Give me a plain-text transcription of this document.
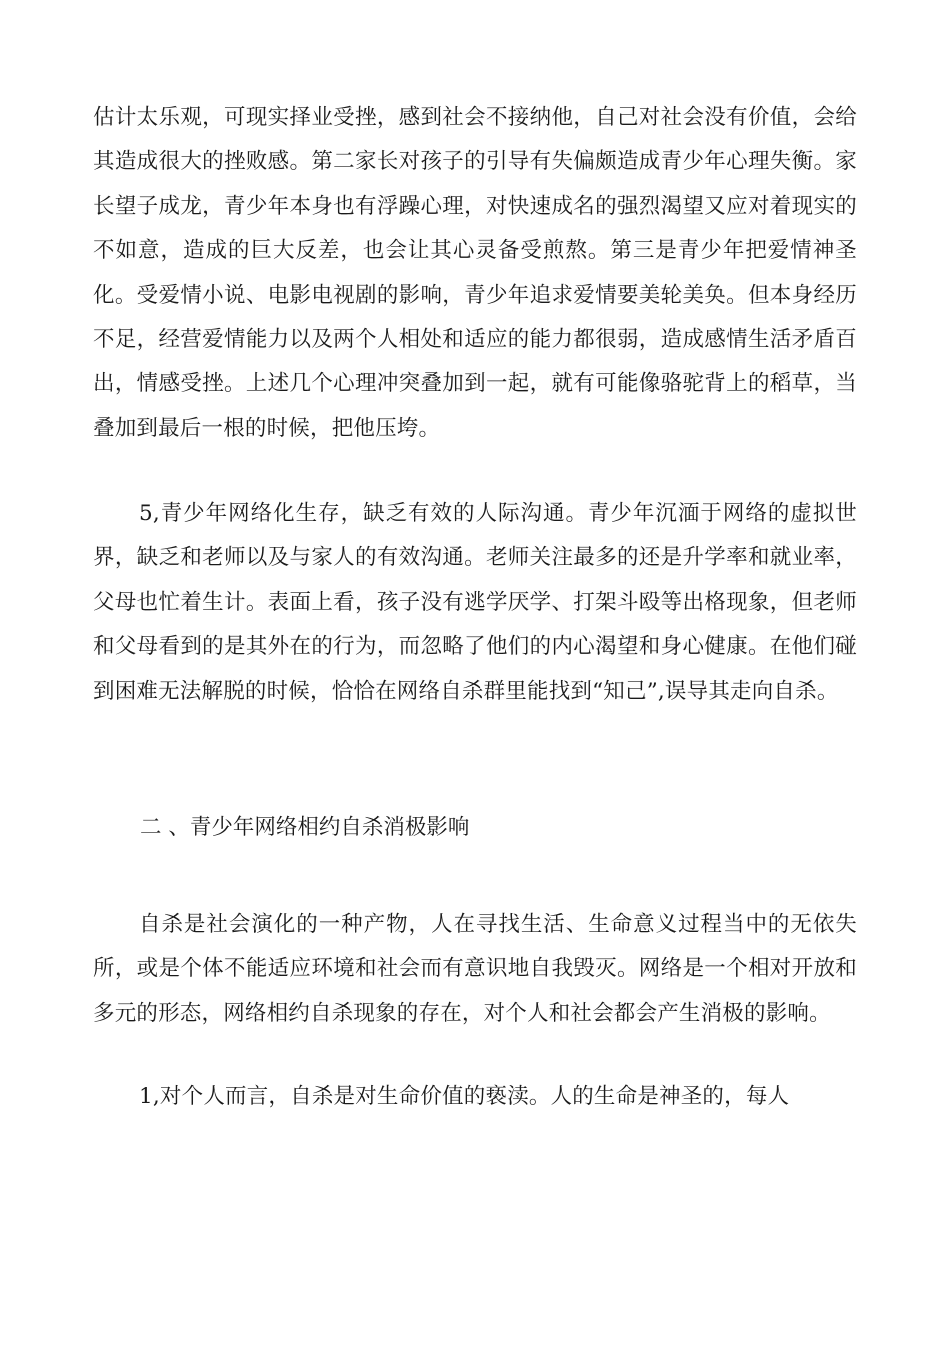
估计太乐观，可现实择业受挫，感到社会不接纳他，自己对社会没有价值，会给其造成很大的挫败感。第二家长对孩子的引导有失偏颇造成青少年心理失衡。家长望子成龙，青少年本身也有浮躁心理，对快速成名的强烈渴望又应对着现实的不如意，造成的巨大反差，也会让其心灵备受煎熬。第三是青少年把爱情神圣化。受爱情小说、电影电视剧的影响，青少年追求爱情要美轮美奂。但本身经历不足，经营爱情能力以及两个人相处和适应的能力都很弱，造成感情生活矛盾百出，情感受挫。上述几个心理冲突叠加到一起，就有可能像骆驼背上的稻草，当叠加到最后一根的时候，把他压垮。

5,青少年网络化生存，缺乏有效的人际沟通。青少年沉湎于网络的虚拟世界，缺乏和老师以及与家人的有效沟通。老师关注最多的还是升学率和就业率，父母也忙着生计。表面上看，孩子没有逃学厌学、打架斗殴等出格现象，但老师和父母看到的是其外在的行为，而忽略了他们的内心渴望和身心健康。在他们碰到困难无法解脱的时候，恰恰在网络自杀群里能找到“知己”,误导其走向自杀。

二 、青少年网络相约自杀消极影响

自杀是社会演化的一种产物，人在寻找生活、生命意义过程当中的无依失所，或是个体不能适应环境和社会而有意识地自我毁灭。网络是一个相对开放和多元的形态，网络相约自杀现象的存在，对个人和社会都会产生消极的影响。

1,对个人而言，自杀是对生命价值的亵渎。人的生命是神圣的，每人
